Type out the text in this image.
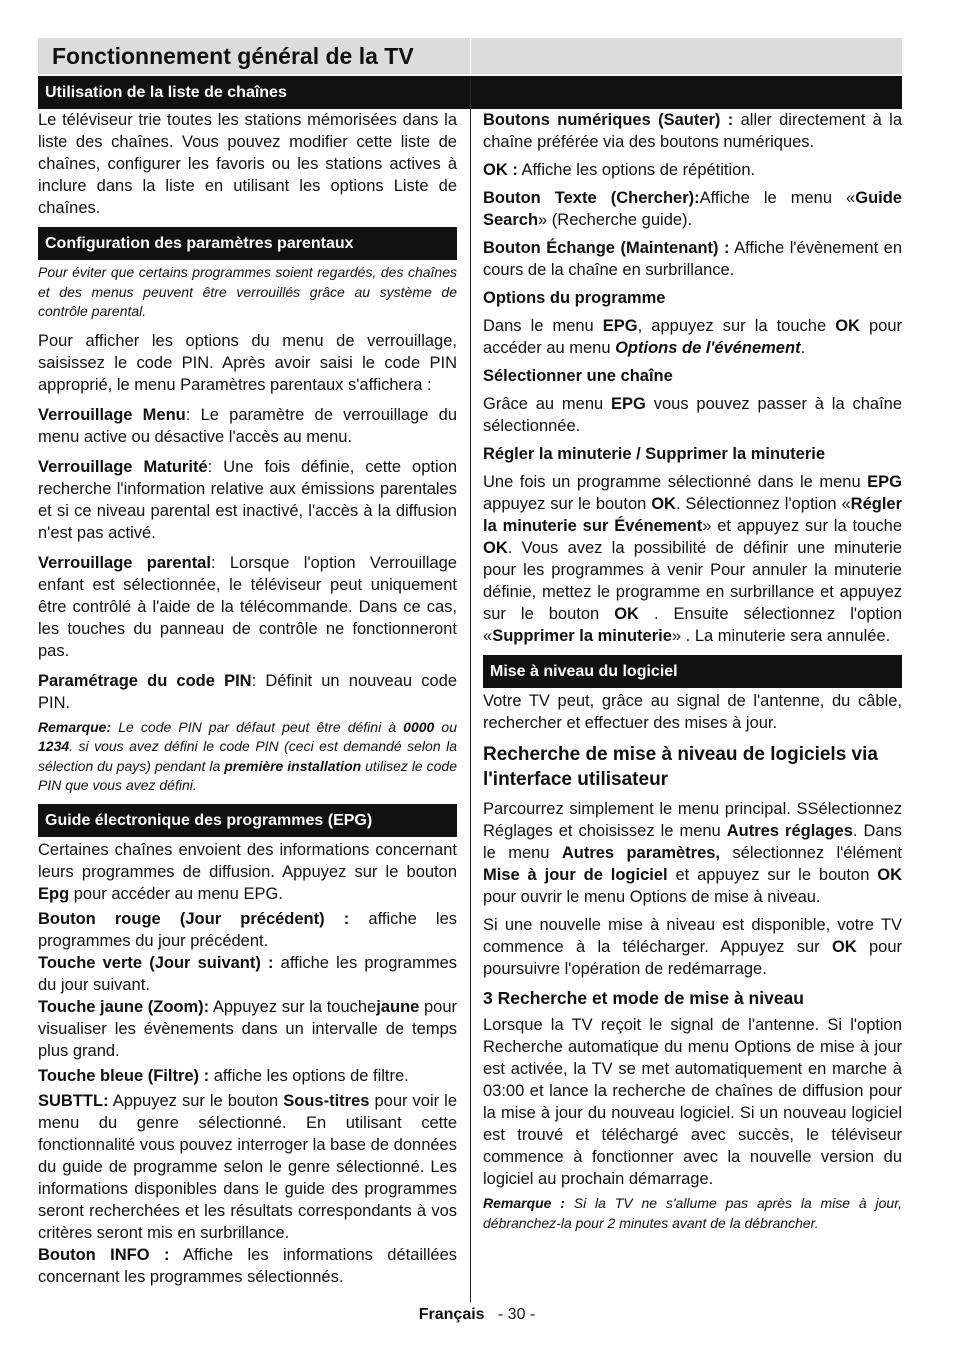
Fonctionnement général de la TV
Utilisation de la liste de chaînes

Le téléviseur trie toutes les stations mémorisées dans la liste des chaînes. Vous pouvez modifier cette liste de chaînes, configurer les favoris ou les stations actives à inclure dans la liste en utilisant les options Liste de chaînes.

Configuration des paramètres parentaux

Pour éviter que certains programmes soient regardés, des chaînes et des menus peuvent être verrouillés grâce au système de contrôle parental.

Pour afficher les options du menu de verrouillage, saisissez le code PIN. Après avoir saisi le code PIN approprié, le menu Paramètres parentaux s'affichera :

Verrouillage Menu: Le paramètre de verrouillage du menu active ou désactive l'accès au menu.

Verrouillage Maturité: Une fois définie, cette option recherche l'information relative aux émissions parentales et si ce niveau parental est inactivé, l'accès à la diffusion n'est pas activé.

Verrouillage parental: Lorsque l'option Verrouillage enfant est sélectionnée, le téléviseur peut uniquement être contrôlé à l'aide de la télécommande. Dans ce cas, les touches du panneau de contrôle ne fonctionneront pas.

Paramétrage du code PIN: Définit un nouveau code PIN.

Remarque: Le code PIN par défaut peut être défini à 0000 ou 1234. si vous avez défini le code PIN (ceci est demandé selon la sélection du pays) pendant la première installation utilisez le code PIN que vous avez défini.

Guide électronique des programmes (EPG)

Certaines chaînes envoient des informations concernant leurs programmes de diffusion. Appuyez sur le bouton Epg pour accéder au menu EPG.

Bouton rouge (Jour précédent) : affiche les programmes du jour précédent.

Touche verte (Jour suivant) : affiche les programmes du jour suivant.

Touche jaune (Zoom): Appuyez sur la touchejaune pour visualiser les évènements dans un intervalle de temps plus grand.

Touche bleue (Filtre) : affiche les options de filtre.

SUBTTL: Appuyez sur le bouton Sous-titres pour voir le menu du genre sélectionné. En utilisant cette fonctionnalité vous pouvez interroger la base de données du guide de programme selon le genre sélectionné. Les informations disponibles dans le guide des programmes seront recherchées et les résultats correspondants à vos critères seront mis en surbrillance.

Bouton INFO : Affiche les informations détaillées concernant les programmes sélectionnés.

Boutons numériques (Sauter) : aller directement à la chaîne préférée via des boutons numériques.

OK : Affiche les options de répétition.

Bouton Texte (Chercher):Affiche le menu «Guide Search» (Recherche guide).

Bouton Échange (Maintenant) : Affiche l'évènement en cours de la chaîne en surbrillance.

Options du programme

Dans le menu EPG, appuyez sur la touche OK pour accéder au menu Options de l'événement.

Sélectionner une chaîne

Grâce au menu EPG vous pouvez passer à la chaîne sélectionnée.

Régler la minuterie / Supprimer la minuterie

Une fois un programme sélectionné dans le menu EPG appuyez sur le bouton OK. Sélectionnez l'option «Régler la minuterie sur Événement» et appuyez sur la touche OK. Vous avez la possibilité de définir une minuterie pour les programmes à venir Pour annuler la minuterie définie, mettez le programme en surbrillance et appuyez sur le bouton OK . Ensuite sélectionnez l'option «Supprimer la minuterie» . La minuterie sera annulée.

Mise à niveau du logiciel

Votre TV peut, grâce au signal de l'antenne, du câble, rechercher et effectuer des mises à jour.

Recherche de mise à niveau de logiciels via l'interface utilisateur

Parcourrez simplement le menu principal. SSélectionnez Réglages et choisissez le menu Autres réglages. Dans le menu Autres paramètres, sélectionnez l'élément Mise à jour de logiciel et appuyez sur le bouton OK pour ouvrir le menu Options de mise à niveau.

Si une nouvelle mise à niveau est disponible, votre TV commence à la télécharger. Appuyez sur OK pour poursuivre l'opération de redémarrage.

3 Recherche et mode de mise à niveau

Lorsque la TV reçoit le signal de l'antenne. Si l'option Recherche automatique du menu Options de mise à jour est activée, la TV se met automatiquement en marche à 03:00 et lance la recherche de chaînes de diffusion pour la mise à jour du nouveau logiciel. Si un nouveau logiciel est trouvé et téléchargé avec succès, le téléviseur commence à fonctionner avec la nouvelle version du logiciel au prochain démarrage.

Remarque : Si la TV ne s'allume pas après la mise à jour, débranchez-la pour 2 minutes avant de la débrancher.

Français - 30 -
